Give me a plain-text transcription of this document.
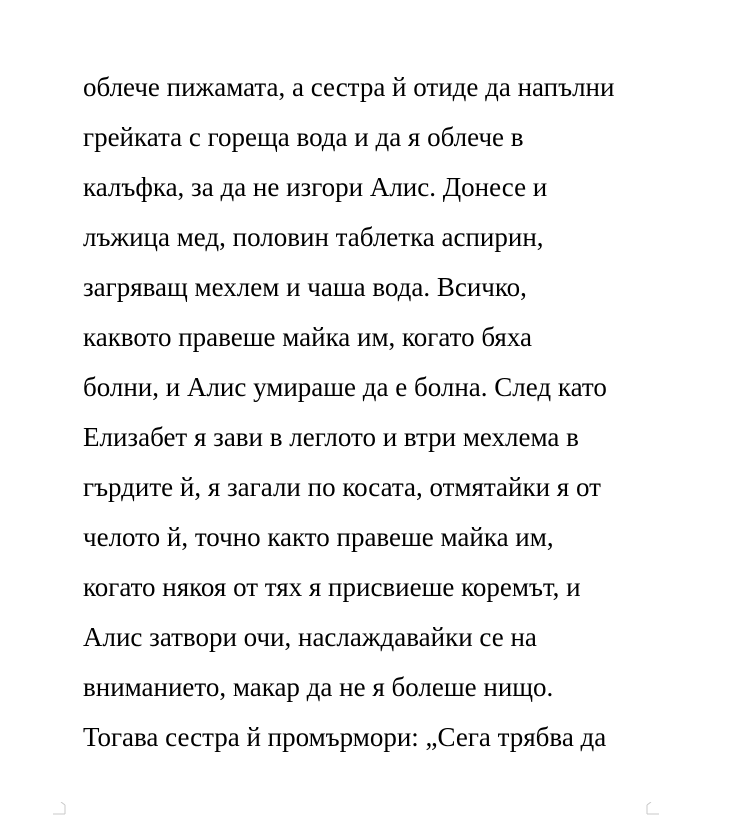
облече пижамата, а сестра й отиде да напълни
грейката с гореща вода и да я облече в
калъфка, за да не изгори Алис. Донесе и
лъжица мед, половин таблетка аспирин,
загряващ мехлем и чаша вода. Всичко,
каквото правеше майка им, когато бяха
болни, и Алис умираше да е болна. След като
Елизабет я зави в леглото и втри мехлема в
гърдите й, я загали по косата, отмятайки я от
челото й, точно както правеше майка им,
когато някоя от тях я присвиеше коремът, и
Алис затвори очи, наслаждавайки се на
вниманието, макар да не я болеше нищо.
Тогава сестра й промърмори: „Сега трябва да
